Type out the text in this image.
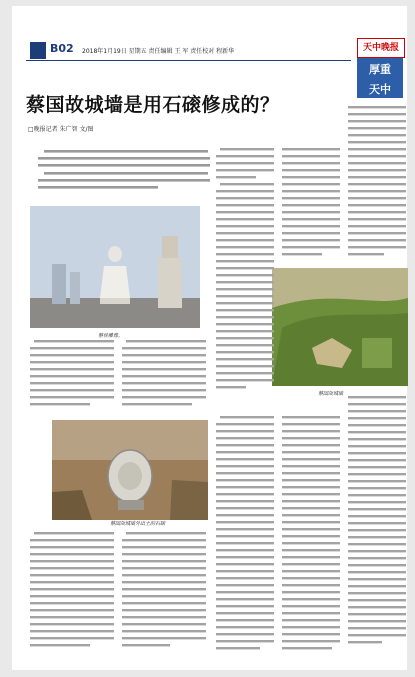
B02 2018年1月19日 星期五 责任编辑 王 军 责任校对 程新华	天中晚报
厚重
天中
蔡国故城墙是用石磙修成的？
□晚报记者 朱广智 文/图
蔡侯雕像。
蔡国故城墙
蔡国故城墙外出土的石磙
